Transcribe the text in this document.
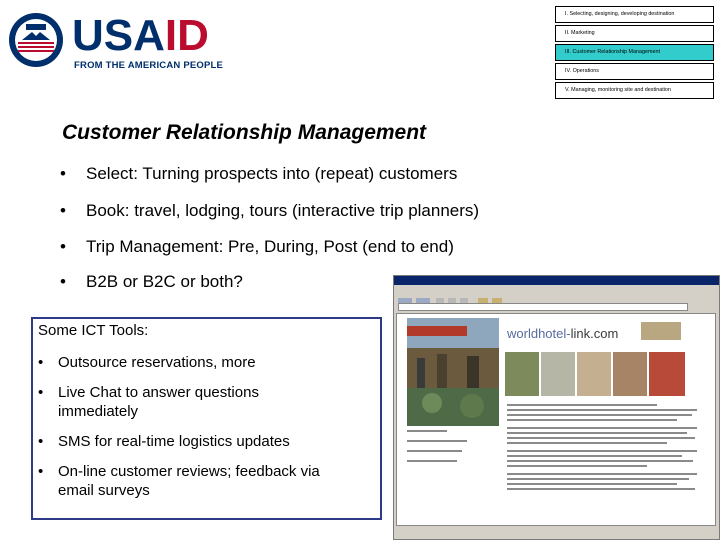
USAID
FROM THE AMERICAN PEOPLE
I. Selecting, designing, developing destination
II. Marketing
III. Customer Relationship Management
IV. Operations
V. Managing, monitoring site and destination
Customer Relationship Management
• Select: Turning prospects into (repeat) customers
• Book: travel, lodging, tours (interactive trip planners)
• Trip Management: Pre, During, Post (end to end)
• B2B or B2C or both?
worldhotel-link.com
Some ICT Tools:
• Outsource reservations, more
• Live Chat to answer questions
immediately
• SMS for real-time logistics updates
• On-line customer reviews; feedback via
email surveys
18
